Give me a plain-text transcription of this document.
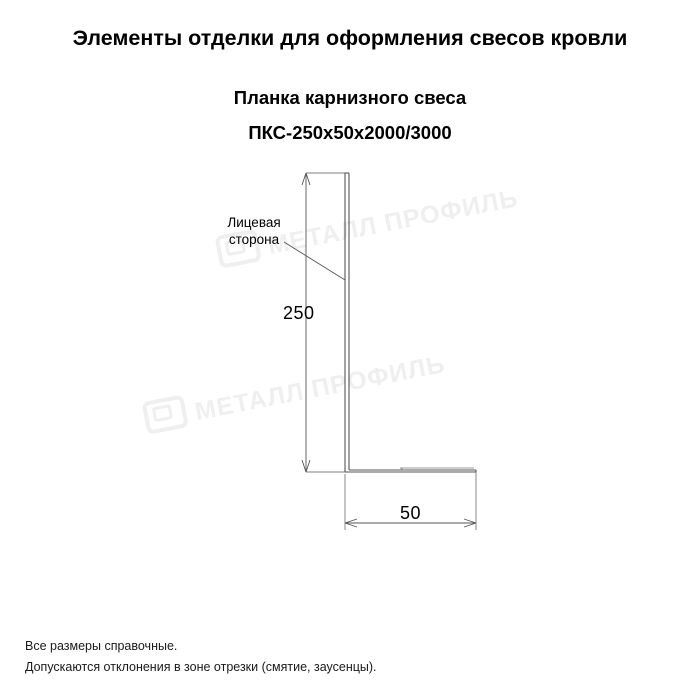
Элементы отделки для оформления свесов кровли
Планка карнизного свеса
ПКС-250х50х2000/3000
МЕТАЛЛ ПРОФИЛЬ
МЕТАЛЛ ПРОФИЛЬ
Лицевая
сторона
250
50
Все размеры справочные.
Допускаются отклонения в зоне отрезки (смятие, заусенцы).
